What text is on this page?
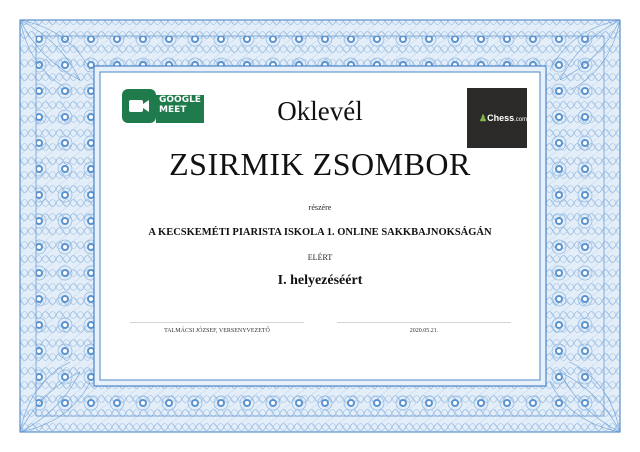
GOOGLE
MEET
♟Chess.com
Oklevél
ZSIRMIK ZSOMBOR
részére
A KECSKEMÉTI PIARISTA ISKOLA 1. ONLINE SAKKBAJNOKSÁGÁN
ELÉRT
I. helyezéséért
TALMÁCSI JÓZSEF, VERSENYVEZETŐ	2020.05.21.
